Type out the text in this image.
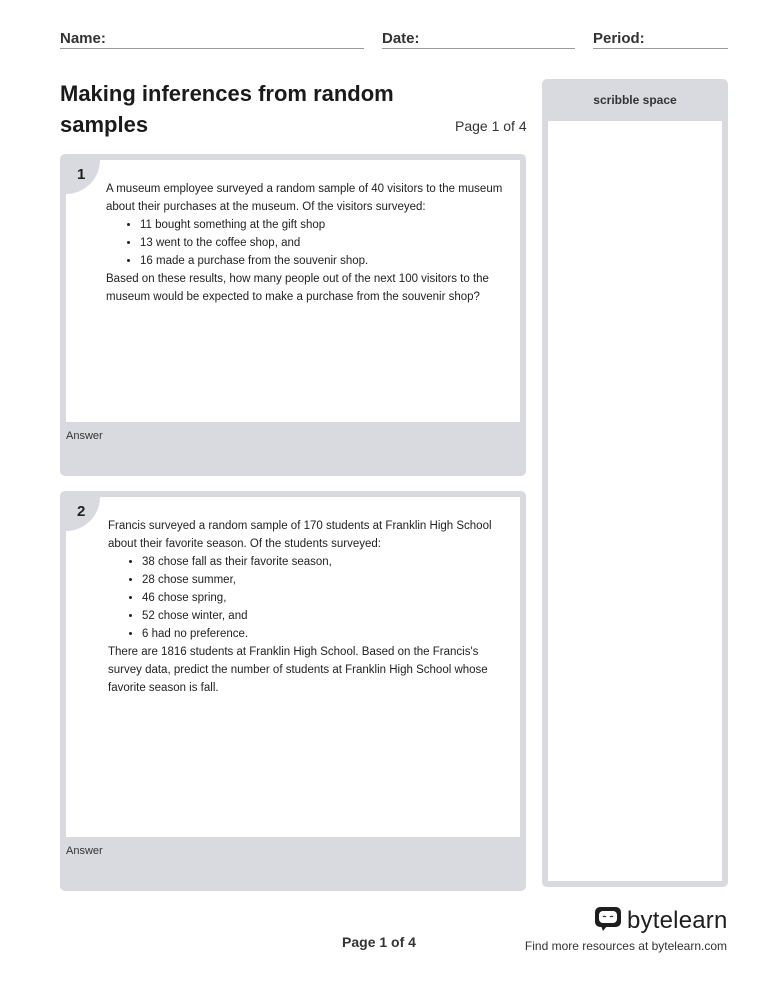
Name:	Date:	Period:
Making inferences from random samples	Page 1 of 4
1

A museum employee surveyed a random sample of 40 visitors to the museum about their purchases at the museum. Of the visitors surveyed:

• 11 bought something at the gift shop
• 13 went to the coffee shop, and
• 16 made a purchase from the souvenir shop.

Based on these results, how many people out of the next 100 visitors to the museum would be expected to make a purchase from the souvenir shop?

Answer
2

Francis surveyed a random sample of 170 students at Franklin High School about their favorite season. Of the students surveyed:

• 38 chose fall as their favorite season,
• 28 chose summer,
• 46 chose spring,
• 52 chose winter, and
• 6 had no preference.

There are 1816 students at Franklin High School. Based on the Francis's survey data, predict the number of students at Franklin High School whose favorite season is fall.

Answer
scribble space
bytelearn
Page 1 of 4	Find more resources at bytelearn.com
